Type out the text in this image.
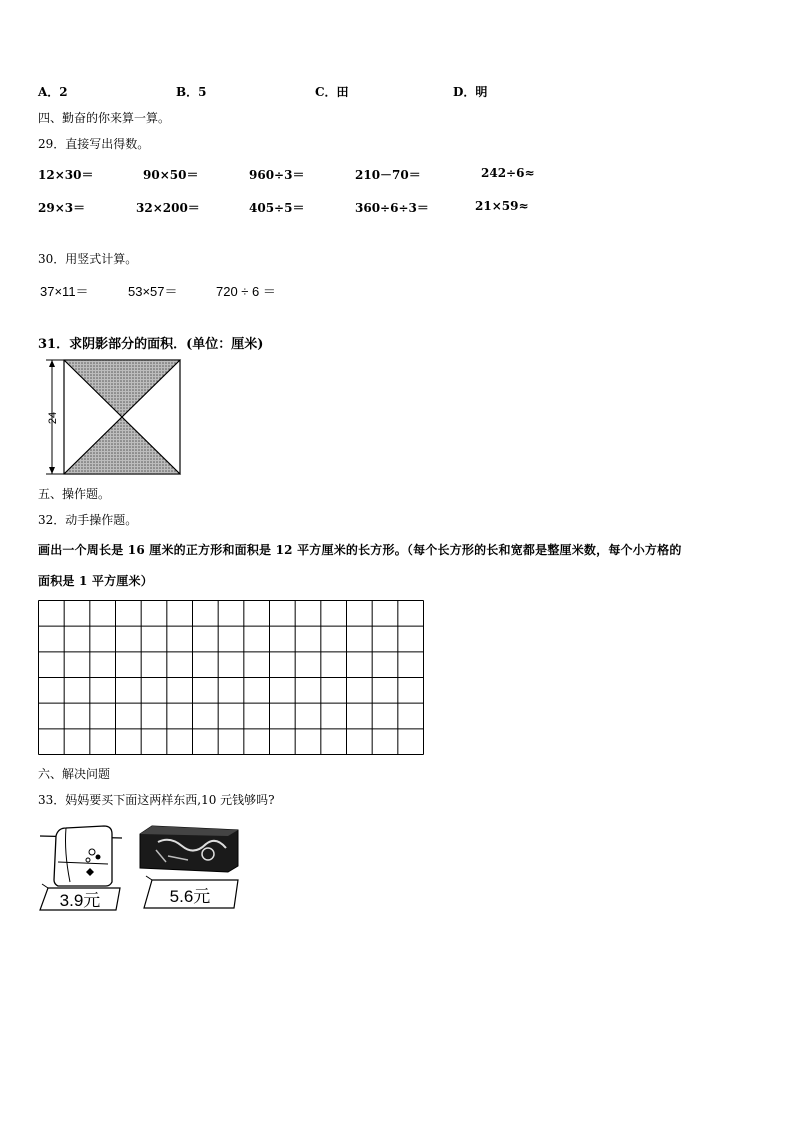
A．2	B．5	C．田	D．明
四、勤奋的你来算一算。
29．直接写出得数。
12×30＝	90×50＝	960÷3＝	210－70＝	242÷6≈
29×3＝	32×200＝	405÷5＝	360÷6÷3＝	21×59≈
30．用竖式计算。
37×11＝	53×57＝	720 ÷ 6 ＝
31．求阴影部分的面积．(单位：厘米)
24
五、操作题。
32．动手操作题。
画出一个周长是 16 厘米的正方形和面积是 12 平方厘米的长方形。（每个长方形的长和宽都是整厘米数，每个小方格的
面积是 1 平方厘米）
六、解决问题
33．妈妈要买下面这两样东西,10 元钱够吗?
3.9元	5.6元
